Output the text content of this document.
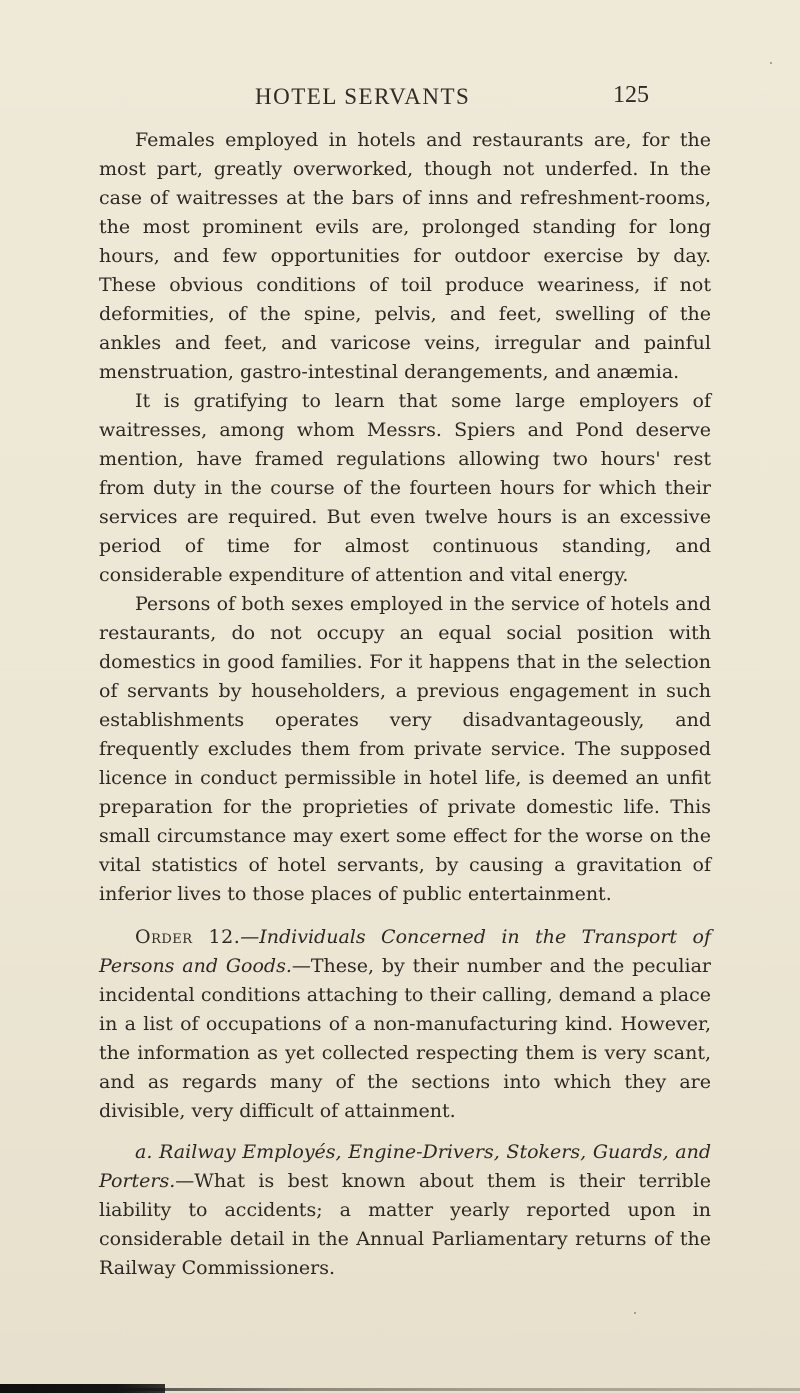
HOTEL SERVANTS	125

Females employed in hotels and restaurants are, for the most part, greatly overworked, though not underfed. In the case of waitresses at the bars of inns and refreshment-rooms, the most prominent evils are, prolonged standing for long hours, and few opportunities for outdoor exercise by day. These obvious conditions of toil produce weariness, if not deformities, of the spine, pelvis, and feet, swelling of the ankles and feet, and varicose veins, irregular and painful menstruation, gastro-intestinal derangements, and anæmia.

It is gratifying to learn that some large employers of waitresses, among whom Messrs. Spiers and Pond deserve mention, have framed regulations allowing two hours' rest from duty in the course of the fourteen hours for which their services are required. But even twelve hours is an excessive period of time for almost continuous standing, and considerable expenditure of attention and vital energy.

Persons of both sexes employed in the service of hotels and restaurants, do not occupy an equal social position with domestics in good families. For it happens that in the selection of servants by householders, a previous engagement in such establishments operates very disadvantageously, and frequently excludes them from private service. The supposed licence in conduct permissible in hotel life, is deemed an unfit preparation for the proprieties of private domestic life. This small circumstance may exert some effect for the worse on the vital statistics of hotel servants, by causing a gravitation of inferior lives to those places of public entertainment.

Order 12.—Individuals Concerned in the Transport of Persons and Goods.—These, by their number and the peculiar incidental conditions attaching to their calling, demand a place in a list of occupations of a non-manufacturing kind. However, the information as yet collected respecting them is very scant, and as regards many of the sections into which they are divisible, very difficult of attainment.

a. Railway Employés, Engine-Drivers, Stokers, Guards, and Porters.—What is best known about them is their terrible liability to accidents; a matter yearly reported upon in considerable detail in the Annual Parliamentary returns of the Railway Commissioners.
